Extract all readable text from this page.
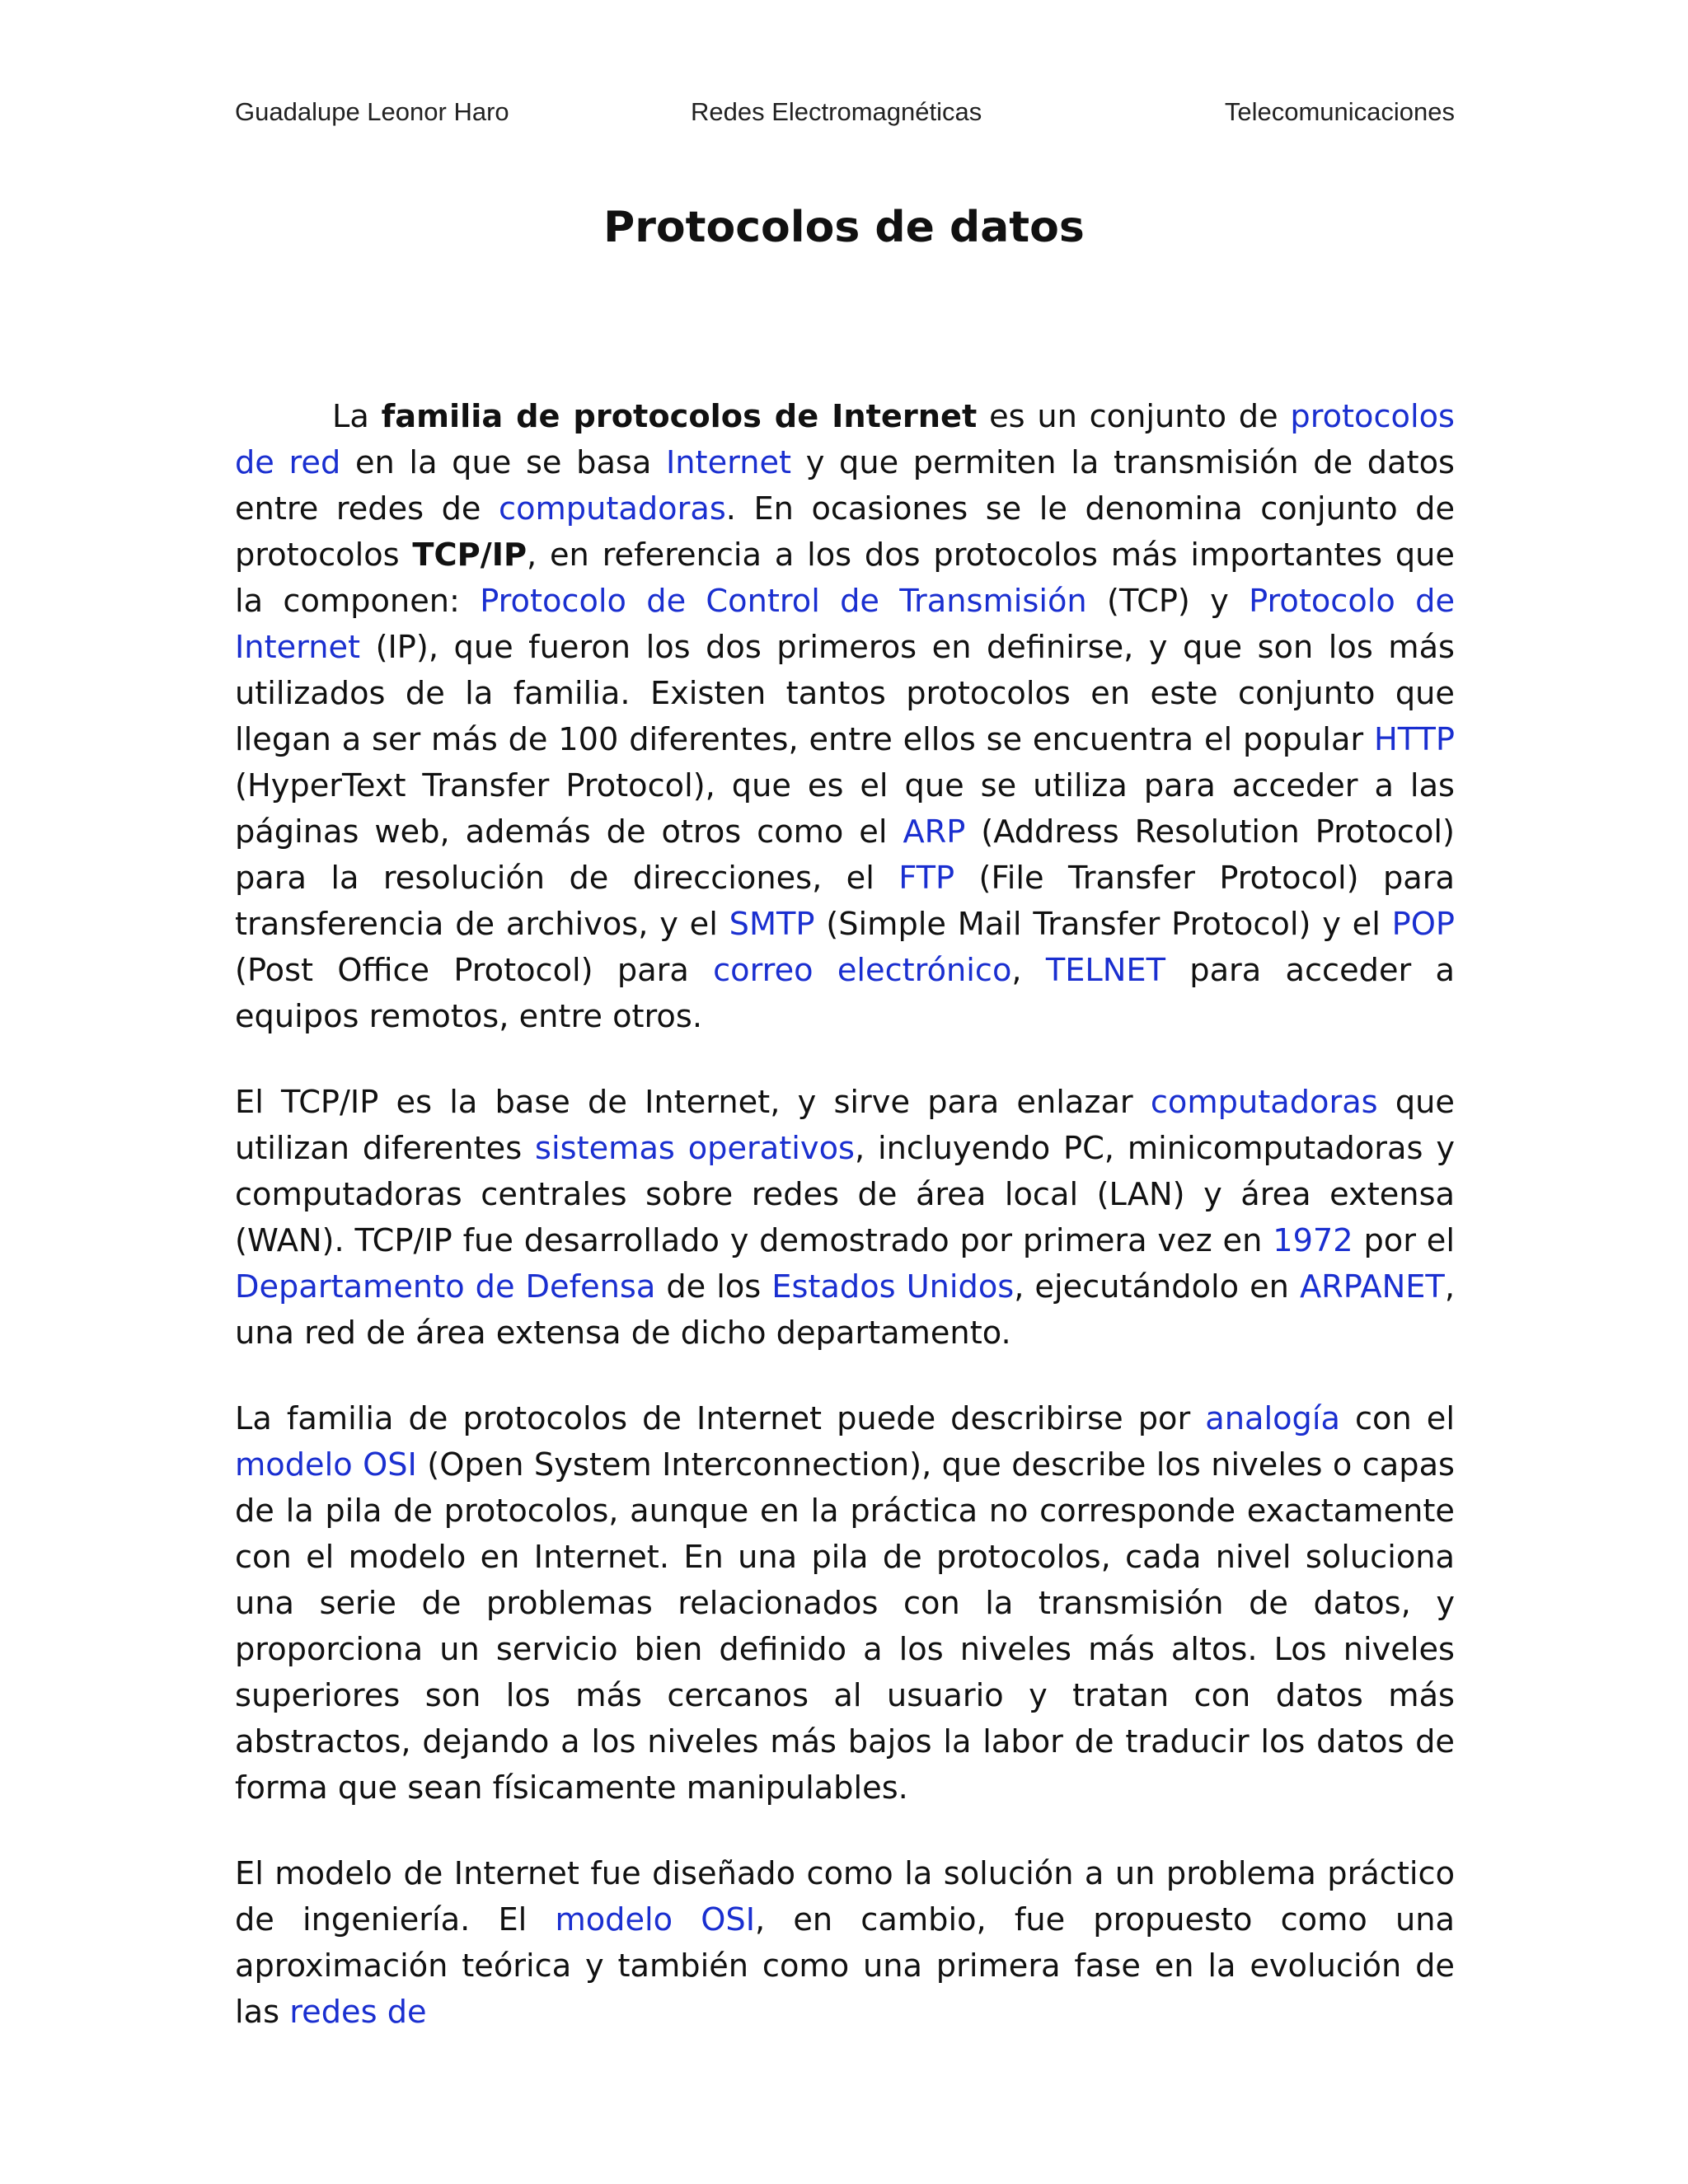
Guadalupe Leonor Haro	Redes Electromagnéticas	Telecomunicaciones
Protocolos de datos

La familia de protocolos de Internet es un conjunto de protocolos de red en la que se basa Internet y que permiten la transmisión de datos entre redes de computadoras. En ocasiones se le denomina conjunto de protocolos TCP/IP, en referencia a los dos protocolos más importantes que la componen: Protocolo de Control de Transmisión (TCP) y Protocolo de Internet (IP), que fueron los dos primeros en definirse, y que son los más utilizados de la familia. Existen tantos protocolos en este conjunto que llegan a ser más de 100 diferentes, entre ellos se encuentra el popular HTTP (HyperText Transfer Protocol), que es el que se utiliza para acceder a las páginas web, además de otros como el ARP (Address Resolution Protocol) para la resolución de direcciones, el FTP (File Transfer Protocol) para transferencia de archivos, y el SMTP (Simple Mail Transfer Protocol) y el POP (Post Office Protocol) para correo electrónico, TELNET para acceder a equipos remotos, entre otros.

El TCP/IP es la base de Internet, y sirve para enlazar computadoras que utilizan diferentes sistemas operativos, incluyendo PC, minicomputadoras y computadoras centrales sobre redes de área local (LAN) y área extensa (WAN). TCP/IP fue desarrollado y demostrado por primera vez en 1972 por el Departamento de Defensa de los Estados Unidos, ejecutándolo en ARPANET, una red de área extensa de dicho departamento.

La familia de protocolos de Internet puede describirse por analogía con el modelo OSI (Open System Interconnection), que describe los niveles o capas de la pila de protocolos, aunque en la práctica no corresponde exactamente con el modelo en Internet. En una pila de protocolos, cada nivel soluciona una serie de problemas relacionados con la transmisión de datos, y proporciona un servicio bien definido a los niveles más altos. Los niveles superiores son los más cercanos al usuario y tratan con datos más abstractos, dejando a los niveles más bajos la labor de traducir los datos de forma que sean físicamente manipulables.

El modelo de Internet fue diseñado como la solución a un problema práctico de ingeniería. El modelo OSI, en cambio, fue propuesto como una aproximación teórica y también como una primera fase en la evolución de las redes de
